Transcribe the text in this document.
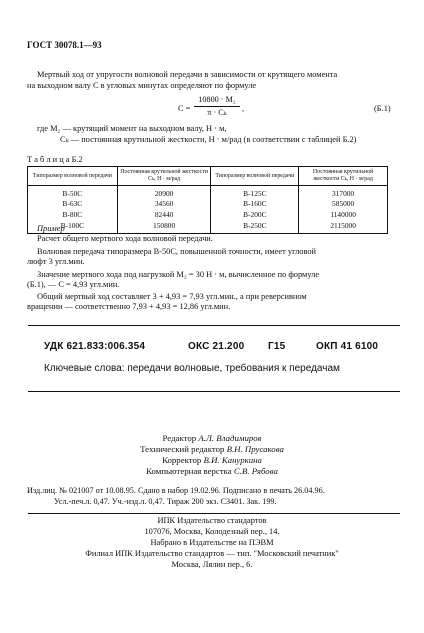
ГОСТ 30078.1—93
Мертвый ход от упругости волновой передачи в зависимости от крутящего момента
на выходном валу С в угловых минутах определяют по формуле
C =
10800 · M₂
π · Cₖ	,	(Б.1)
где M₂ — крутящий момент на выходном валу, Н · м,
Cₖ — постоянная крутильной жесткости, Н · м/рад (в соответствии с таблицей Б.2)
Т а б л и ц а Б.2
Типоразмер волновой передачи	Постоянная крутильной жесткости Cₖ, Н · м/рад	Типоразмер волновой передачи	Постоянная крутильной жесткости Cₖ, Н · м/рад
В-50С	20900	В-125С	317000
В-63С	34560	В-160С	585000
В-80С	82440	В-200С	1140000
В-100С	150800	В-250С	2115000
Пример
Расчет общего мертвого хода волновой передачи.
Волновая передача типоразмера В-50С, повышенной точности, имеет угловой
люфт 3 угл.мин.
Значение мертвого хода под нагрузкой M₂ = 30 Н · м, вычисленное по формуле
(Б.1), — C = 4,93 угл.мин.
Общий мертвый ход составляет 3 + 4,93 = 7,93 угл.мин., а при реверсивном
вращении — соответственно 7,93 + 4,93 = 12,86 угл.мин.
УДК 621.833:006.354	ОКС 21.200 Г15	ОКП 41 6100
Ключевые слова: передачи волновые, требования к передачам
Редактор А.Л. Владимиров
Технический редактор В.Н. Прусакова
Корректор В.И. Кануркина
Компьютерная верстка С.В. Рябова
Изд.лиц. № 021007 от 10.08.95. Сдано в набор 19.02.96. Подписано в печать 26.04.96.
Усл.-печ.л. 0,47. Уч.-изд.л. 0,47. Тираж 200 экз. С3401. Зак. 199.
ИПК Издательство стандартов
107076, Москва, Колодезный пер., 14.
Набрано в Издательстве на ПЭВМ
Филиал ИПК Издательство стандартов — тип. "Московский печатник"
Москва, Лялин пер., 6.
